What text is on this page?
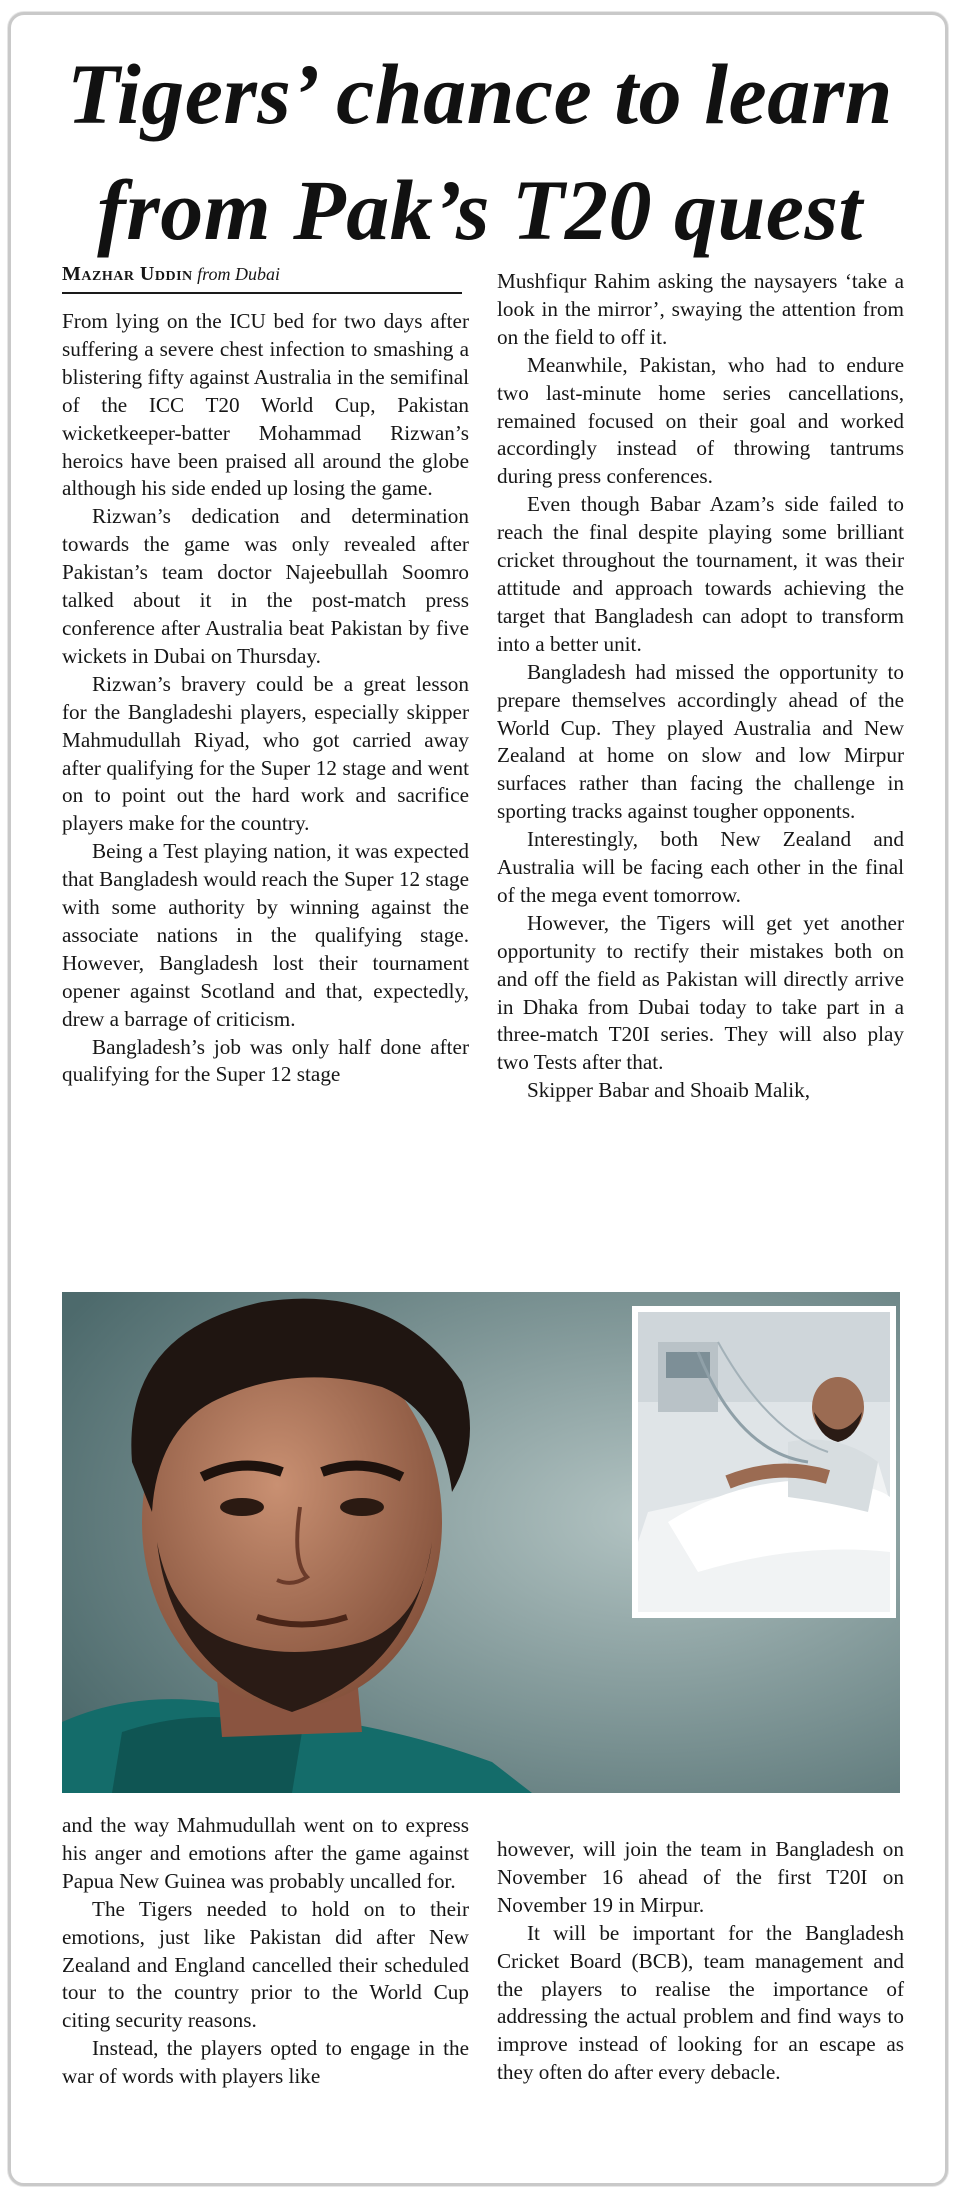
Tigers’ chance to learn
from Pak’s T20 quest
Mazhar Uddin from Dubai

From lying on the ICU bed for two days after suffering a severe chest infection to smashing a blistering fifty against Australia in the semifinal of the ICC T20 World Cup, Pakistan wicketkeeper-batter Mohammad Rizwan’s heroics have been praised all around the globe although his side ended up losing the game.

Rizwan’s dedication and determination towards the game was only revealed after Pakistan’s team doctor Najeebullah Soomro talked about it in the post-match press conference after Australia beat Pakistan by five wickets in Dubai on Thursday.

Rizwan’s bravery could be a great lesson for the Bangladeshi players, especially skipper Mahmudullah Riyad, who got carried away after qualifying for the Super 12 stage and went on to point out the hard work and sacrifice players make for the country.

Being a Test playing nation, it was expected that Bangladesh would reach the Super 12 stage with some authority by winning against the associate nations in the qualifying stage. However, Bangladesh lost their tournament opener against Scotland and that, expectedly, drew a barrage of criticism.

Bangladesh’s job was only half done after qualifying for the Super 12 stage

Mushfiqur Rahim asking the naysayers ‘take a look in the mirror’, swaying the attention from on the field to off it.

Meanwhile, Pakistan, who had to endure two last-minute home series cancellations, remained focused on their goal and worked accordingly instead of throwing tantrums during press conferences.

Even though Babar Azam’s side failed to reach the final despite playing some brilliant cricket throughout the tournament, it was their attitude and approach towards achieving the target that Bangladesh can adopt to transform into a better unit.

Bangladesh had missed the opportunity to prepare themselves accordingly ahead of the World Cup. They played Australia and New Zealand at home on slow and low Mirpur surfaces rather than facing the challenge in sporting tracks against tougher opponents.

Interestingly, both New Zealand and Australia will be facing each other in the final of the mega event tomorrow.

However, the Tigers will get yet another opportunity to rectify their mistakes both on and off the field as Pakistan will directly arrive in Dhaka from Dubai today to take part in a three-match T20I series. They will also play two Tests after that.

Skipper Babar and Shoaib Malik,

and the way Mahmudullah went on to express his anger and emotions after the game against Papua New Guinea was probably uncalled for.

The Tigers needed to hold on to their emotions, just like Pakistan did after New Zealand and England cancelled their scheduled tour to the country prior to the World Cup citing security reasons.

Instead, the players opted to engage in the war of words with players like

however, will join the team in Bangladesh on November 16 ahead of the first T20I on November 19 in Mirpur.

It will be important for the Bangladesh Cricket Board (BCB), team management and the players to realise the importance of addressing the actual problem and find ways to improve instead of looking for an escape as they often do after every debacle.
